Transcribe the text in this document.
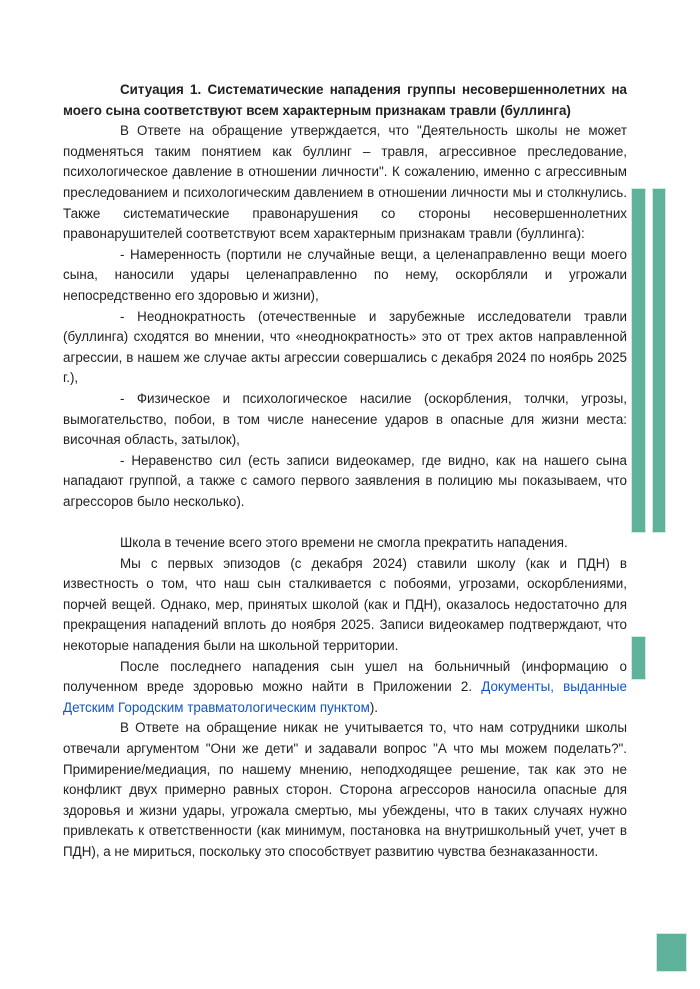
Ситуация 1. Систематические нападения группы несовершеннолетних на моего сына соответствуют всем характерным признакам травли (буллинга)

В Ответе на обращение утверждается, что "Деятельность школы не может подменяться таким понятием как буллинг – травля, агрессивное преследование, психологическое давление в отношении личности". К сожалению, именно с агрессивным преследованием и психологическим давлением в отношении личности мы и столкнулись. Также систематические правонарушения со стороны несовершеннолетних правонарушителей соответствуют всем характерным признакам травли (буллинга):

- Намеренность (портили не случайные вещи, а целенаправленно вещи моего сына, наносили удары целенаправленно по нему, оскорбляли и угрожали непосредственно его здоровью и жизни),

- Неоднократность (отечественные и зарубежные исследователи травли (буллинга) сходятся во мнении, что «неоднократность» это от трех актов направленной агрессии, в нашем же случае акты агрессии совершались с декабря 2024 по ноябрь 2025 г.),

- Физическое и психологическое насилие (оскорбления, толчки, угрозы, вымогательство, побои, в том числе нанесение ударов в опасные для жизни места: височная область, затылок),

- Неравенство сил (есть записи видеокамер, где видно, как на нашего сына нападают группой, а также с самого первого заявления в полицию мы показываем, что агрессоров было несколько).

Школа в течение всего этого времени не смогла прекратить нападения.

Мы с первых эпизодов (с декабря 2024) ставили школу (как и ПДН) в известность о том, что наш сын сталкивается с побоями, угрозами, оскорблениями, порчей вещей. Однако, мер, принятых школой (как и ПДН), оказалось недостаточно для прекращения нападений вплоть до ноября 2025. Записи видеокамер подтверждают, что некоторые нападения были на школьной территории.

После последнего нападения сын ушел на больничный (информацию о полученном вреде здоровью можно найти в Приложении 2. Документы, выданные Детским Городским травматологическим пунктом).

В Ответе на обращение никак не учитывается то, что нам сотрудники школы отвечали аргументом "Они же дети" и задавали вопрос "А что мы можем поделать?". Примирение/медиация, по нашему мнению, неподходящее решение, так как это не конфликт двух примерно равных сторон. Сторона агрессоров наносила опасные для здоровья и жизни удары, угрожала смертью, мы убеждены, что в таких случаях нужно привлекать к ответственности (как минимум, постановка на внутришкольный учет, учет в ПДН), а не мириться, поскольку это способствует развитию чувства безнаказанности.
